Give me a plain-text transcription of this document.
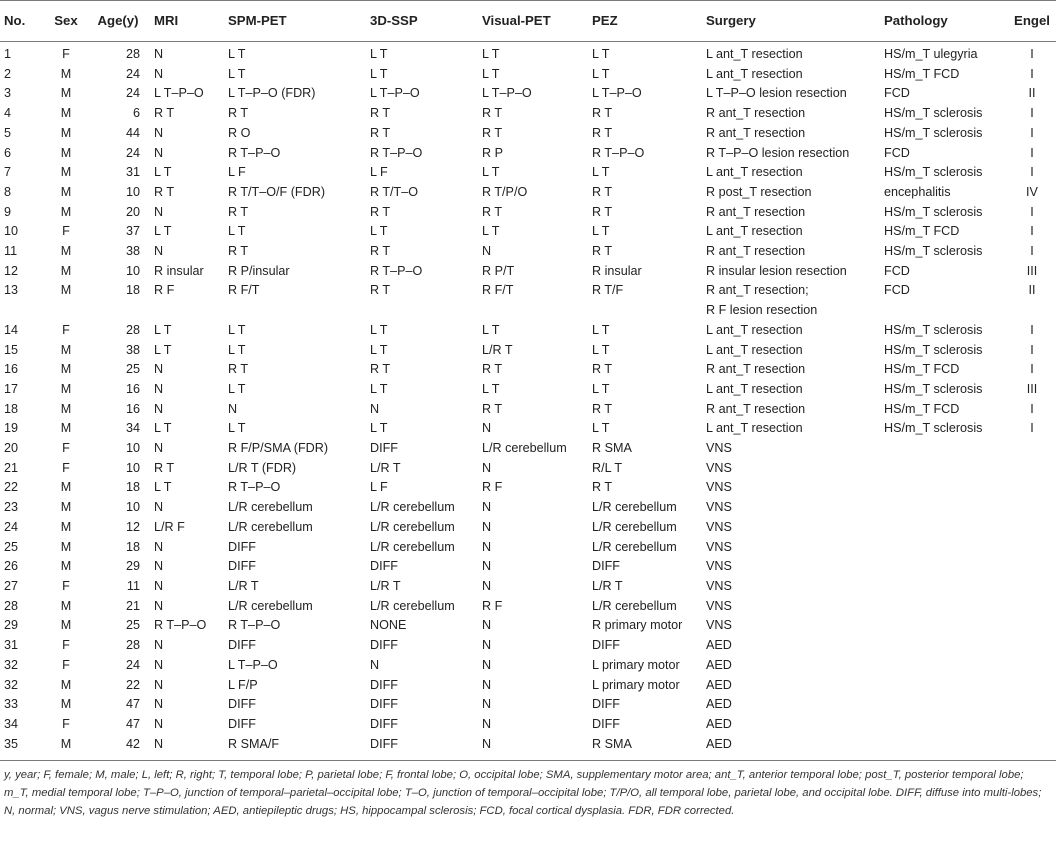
No.	Sex	Age(y)	MRI	SPM-PET	3D-SSP	Visual-PET	PEZ	Surgery	Pathology	Engel
1	F	28	N	L T	L T	L T	L T	L ant_T resection	HS/m_T ulegyria	I
2	M	24	N	L T	L T	L T	L T	L ant_T resection	HS/m_T FCD	I
3	M	24	L T–P–O	L T–P–O (FDR)	L T–P–O	L T–P–O	L T–P–O	L T–P–O lesion resection	FCD	II
4	M	6	R T	R T	R T	R T	R T	R ant_T resection	HS/m_T sclerosis	I
5	M	44	N	R O	R T	R T	R T	R ant_T resection	HS/m_T sclerosis	I
6	M	24	N	R T–P–O	R T–P–O	R P	R T–P–O	R T–P–O lesion resection	FCD	I
7	M	31	L T	L F	L F	L T	L T	L ant_T resection	HS/m_T sclerosis	I
8	M	10	R T	R T/T–O/F (FDR)	R T/T–O	R T/P/O	R T	R post_T resection	encephalitis	IV
9	M	20	N	R T	R T	R T	R T	R ant_T resection	HS/m_T sclerosis	I
10	F	37	L T	L T	L T	L T	L T	L ant_T resection	HS/m_T FCD	I
11	M	38	N	R T	R T	N	R T	R ant_T resection	HS/m_T sclerosis	I
12	M	10	R insular	R P/insular	R T–P–O	R P/T	R insular	R insular lesion resection	FCD	III
13	M	18	R F	R F/T	R T	R F/T	R T/F	R ant_T resection;	FCD	II
								R F lesion resection		
14	F	28	L T	L T	L T	L T	L T	L ant_T resection	HS/m_T sclerosis	I
15	M	38	L T	L T	L T	L/R T	L T	L ant_T resection	HS/m_T sclerosis	I
16	M	25	N	R T	R T	R T	R T	R ant_T resection	HS/m_T FCD	I
17	M	16	N	L T	L T	L T	L T	L ant_T resection	HS/m_T sclerosis	III
18	M	16	N	N	N	R T	R T	R ant_T resection	HS/m_T FCD	I
19	M	34	L T	L T	L T	N	L T	L ant_T resection	HS/m_T sclerosis	I
20	F	10	N	R F/P/SMA (FDR)	DIFF	L/R cerebellum	R SMA	VNS		
21	F	10	R T	L/R T (FDR)	L/R T	N	R/L T	VNS		
22	M	18	L T	R T–P–O	L F	R F	R T	VNS		
23	M	10	N	L/R cerebellum	L/R cerebellum	N	L/R cerebellum	VNS		
24	M	12	L/R F	L/R cerebellum	L/R cerebellum	N	L/R cerebellum	VNS		
25	M	18	N	DIFF	L/R cerebellum	N	L/R cerebellum	VNS		
26	M	29	N	DIFF	DIFF	N	DIFF	VNS		
27	F	11	N	L/R T	L/R T	N	L/R T	VNS		
28	M	21	N	L/R cerebellum	L/R cerebellum	R F	L/R cerebellum	VNS		
29	M	25	R T–P–O	R T–P–O	NONE	N	R primary motor	VNS		
31	F	28	N	DIFF	DIFF	N	DIFF	AED		
32	F	24	N	L T–P–O	N	N	L primary motor	AED		
32	M	22	N	L F/P	DIFF	N	L primary motor	AED		
33	M	47	N	DIFF	DIFF	N	DIFF	AED		
34	F	47	N	DIFF	DIFF	N	DIFF	AED		
35	M	42	N	R SMA/F	DIFF	N	R SMA	AED		
y, year; F, female; M, male; L, left; R, right; T, temporal lobe; P, parietal lobe; F, frontal lobe; O, occipital lobe; SMA, supplementary motor area; ant_T, anterior temporal lobe; post_T, posterior temporal lobe; m_T, medial temporal lobe; T–P–O, junction of temporal–parietal–occipital lobe; T–O, junction of temporal–occipital lobe; T/P/O, all temporal lobe, parietal lobe, and occipital lobe. DIFF, diffuse into multi-lobes; N, normal; VNS, vagus nerve stimulation; AED, antiepileptic drugs; HS, hippocampal sclerosis; FCD, focal cortical dysplasia. FDR, FDR corrected.
